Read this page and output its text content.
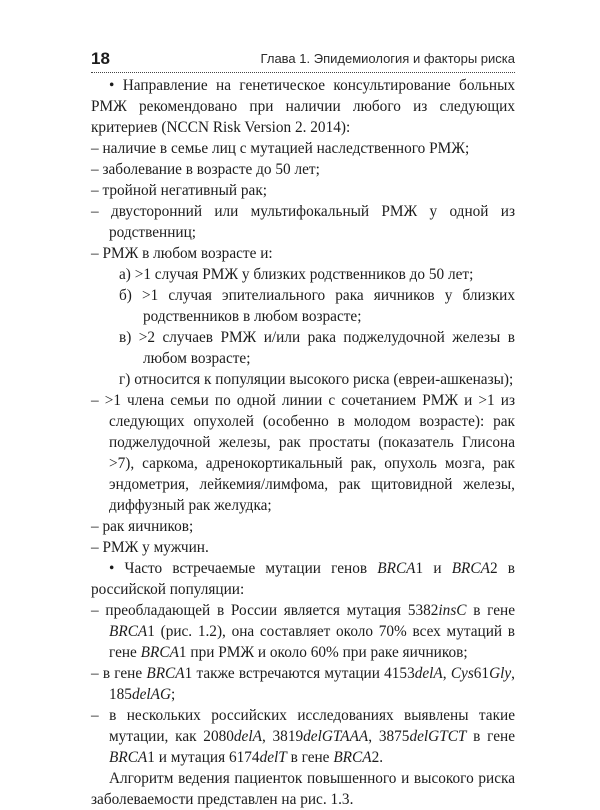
18	Глава 1. Эпидемиология и факторы риска

• Направление на генетическое консультирование больных РМЖ рекомендовано при наличии любого из следующих критериев (NCCN Risk Version 2. 2014):

– наличие в семье лиц с мутацией наследственного РМЖ;

– заболевание в возрасте до 50 лет;

– тройной негативный рак;

– двусторонний или мультифокальный РМЖ у одной из родственниц;

– РМЖ в любом возрасте и:

а) >1 случая РМЖ у близких родственников до 50 лет;

б) >1 случая эпителиального рака яичников у близких родственников в любом возрасте;

в) >2 случаев РМЖ и/или рака поджелудочной железы в любом возрасте;

г) относится к популяции высокого риска (евреи-ашкеназы);

– >1 члена семьи по одной линии с сочетанием РМЖ и >1 из следующих опухолей (особенно в молодом возрасте): рак поджелудочной железы, рак простаты (показатель Глисона >7), саркома, адренокортикальный рак, опухоль мозга, рак эндометрия, лейкемия/лимфома, рак щитовидной железы, диффузный рак желудка;

– рак яичников;

– РМЖ у мужчин.

• Часто встречаемые мутации генов BRCA1 и BRCA2 в российской популяции:

– преобладающей в России является мутация 5382insC в гене BRCA1 (рис. 1.2), она составляет около 70% всех мутаций в гене BRCA1 при РМЖ и около 60% при раке яичников;

– в гене BRCA1 также встречаются мутации 4153delA, Cys61Gly, 185delAG;

– в нескольких российских исследованиях выявлены такие мутации, как 2080delA, 3819delGTAAA, 3875delGTCT в гене BRCA1 и мутация 6174delT в гене BRCA2.

Алгоритм ведения пациенток повышенного и высокого риска заболеваемости представлен на рис. 1.3.
